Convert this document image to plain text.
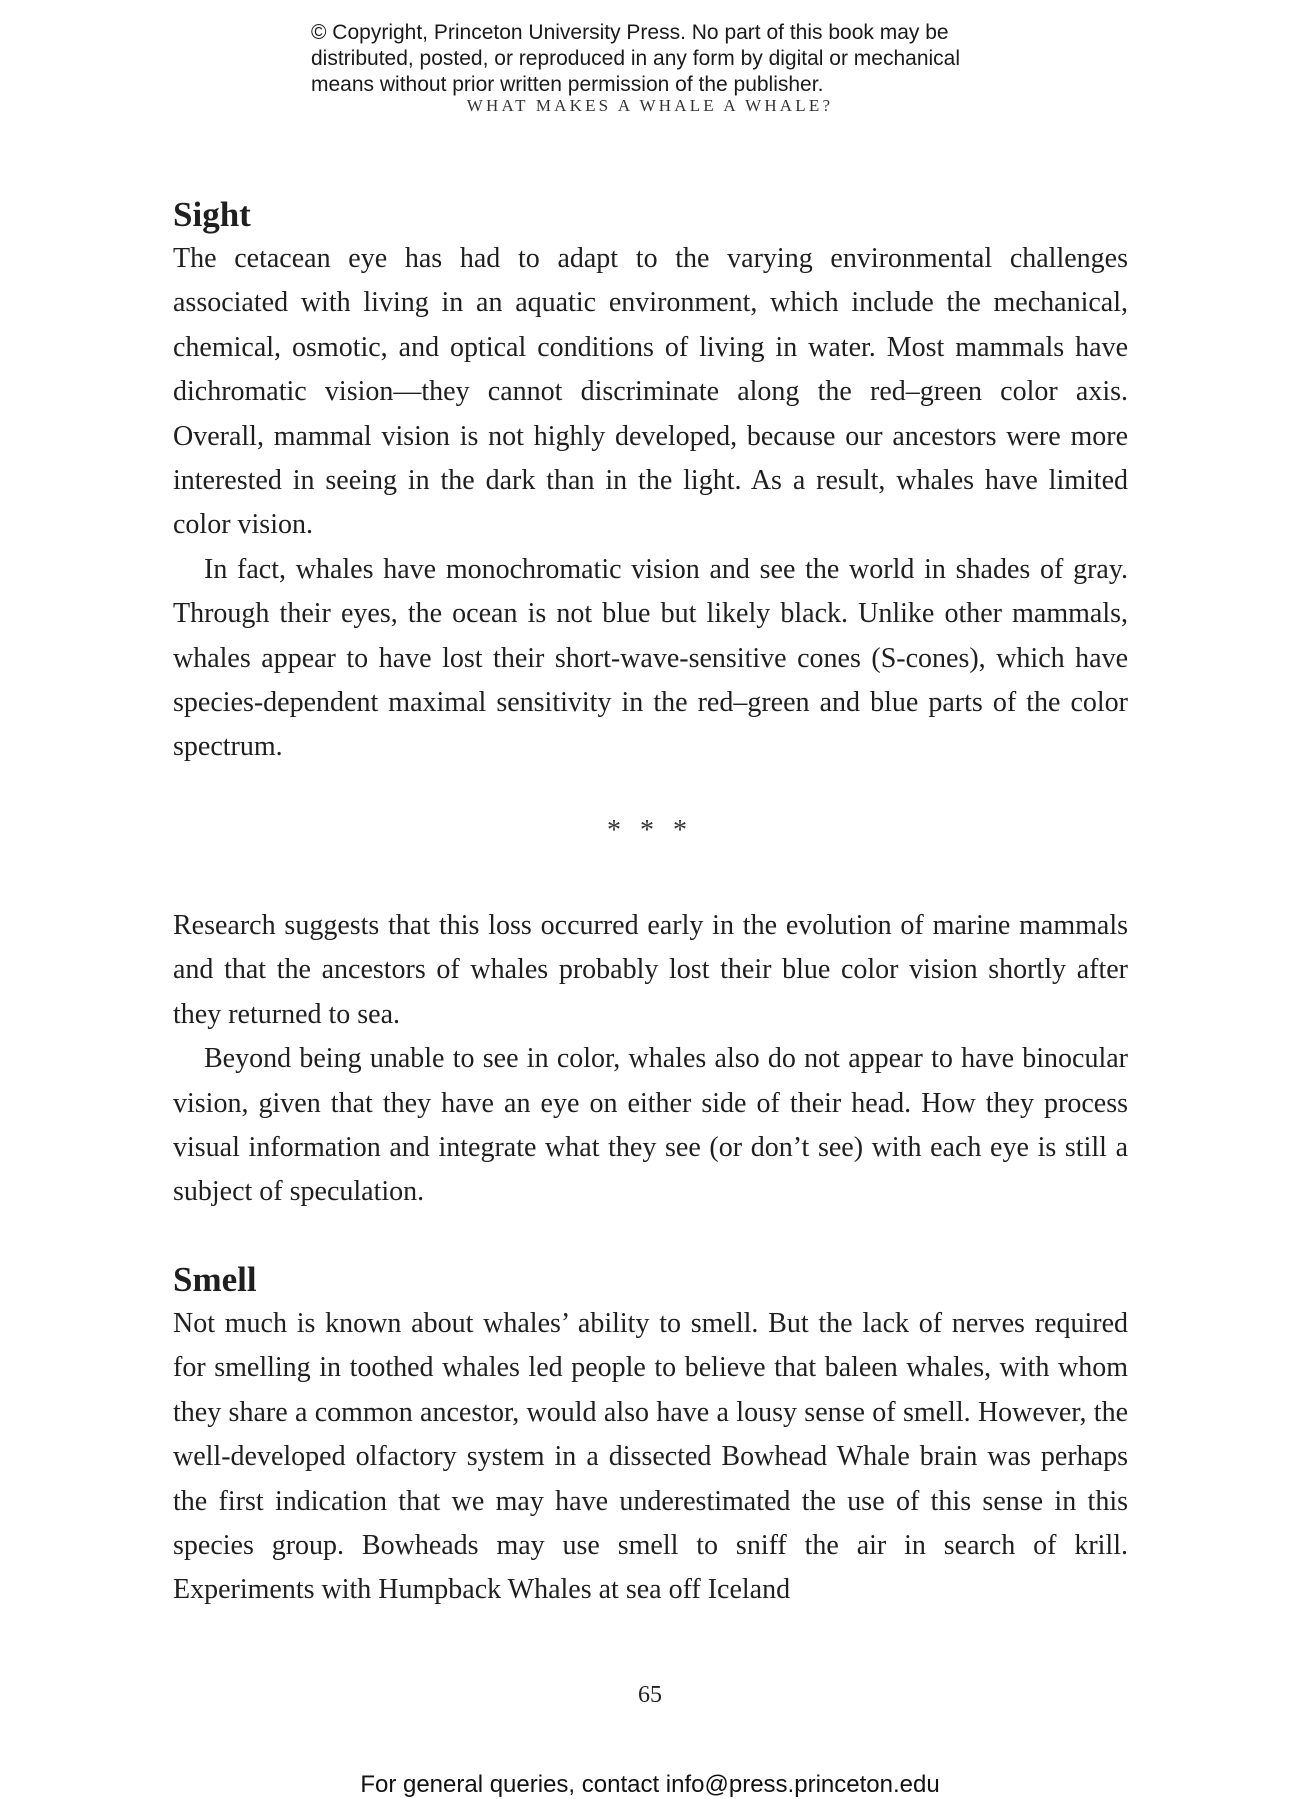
© Copyright, Princeton University Press. No part of this book may be
distributed, posted, or reproduced in any form by digital or mechanical
means without prior written permission of the publisher.
WHAT MAKES A WHALE A WHALE?
Sight

The cetacean eye has had to adapt to the varying environmental challenges associated with living in an aquatic environment, which include the mechanical, chemical, osmotic, and optical conditions of living in water. Most mammals have dichromatic vision—they cannot discriminate along the red–green color axis. Overall, mammal vision is not highly developed, because our ancestors were more interested in seeing in the dark than in the light. As a result, whales have limited color vision.

In fact, whales have monochromatic vision and see the world in shades of gray. Through their eyes, the ocean is not blue but likely black. Unlike other mammals, whales appear to have lost their short-wave-sensitive cones (S-cones), which have species-dependent maximal sensitivity in the red–green and blue parts of the color spectrum.

* * *

Research suggests that this loss occurred early in the evolution of marine mammals and that the ancestors of whales probably lost their blue color vision shortly after they returned to sea.

Beyond being unable to see in color, whales also do not appear to have binocular vision, given that they have an eye on either side of their head. How they process visual information and integrate what they see (or don’t see) with each eye is still a subject of speculation.

Smell

Not much is known about whales’ ability to smell. But the lack of nerves required for smelling in toothed whales led people to believe that baleen whales, with whom they share a common ancestor, would also have a lousy sense of smell. However, the well-developed olfactory system in a dissected Bowhead Whale brain was perhaps the first indication that we may have underestimated the use of this sense in this species group. Bowheads may use smell to sniff the air in search of krill. Experiments with Humpback Whales at sea off Iceland

65
For general queries, contact info@press.princeton.edu
